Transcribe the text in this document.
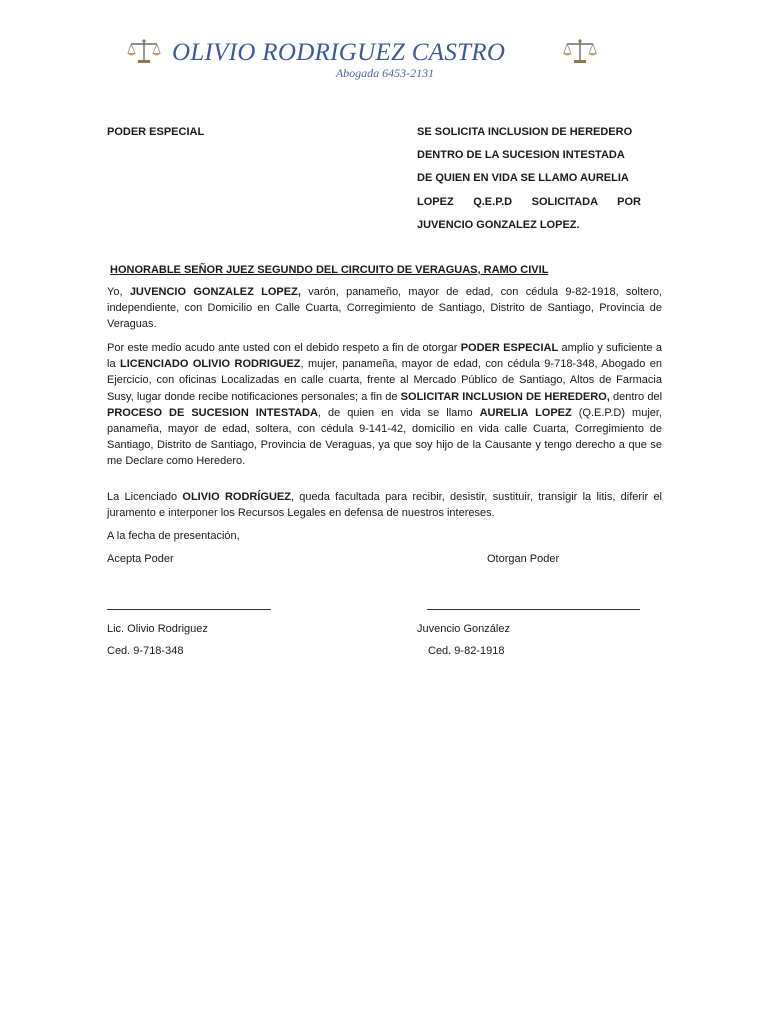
OLIVIO RODRIGUEZ CASTRO
Abogada 6453-2131
PODER ESPECIAL	SE SOLICITA INCLUSION DE HEREDERO
DENTRO DE LA SUCESION INTESTADA
DE QUIEN EN VIDA SE LLAMO AURELIA
LOPEZ Q.E.P.D SOLICITADA POR
JUVENCIO GONZALEZ LOPEZ.
HONORABLE SEÑOR JUEZ SEGUNDO DEL CIRCUITO DE VERAGUAS, RAMO CIVIL
Yo, JUVENCIO GONZALEZ LOPEZ, varón, panameño, mayor de edad, con cédula 9-82-1918, soltero, independiente, con Domicilio en Calle Cuarta, Corregimiento de Santiago, Distrito de Santiago, Provincia de Veraguas.
Por este medio acudo ante usted con el debido respeto a fin de otorgar PODER ESPECIAL amplio y suficiente a la LICENCIADO OLIVIO RODRIGUEZ, mujer, panameña, mayor de edad, con cédula 9-718-348, Abogado en Ejercicio, con oficinas Localizadas en calle cuarta, frente al Mercado Público de Santiago, Altos de Farmacia Susy, lugar donde recibe notificaciones personales; a fin de SOLICITAR INCLUSION DE HEREDERO, dentro del PROCESO DE SUCESION INTESTADA, de quien en vida se llamo AURELIA LOPEZ (Q.E.P.D) mujer, panameña, mayor de edad, soltera, con cédula 9-141-42, domicilio en vida calle Cuarta, Corregimiento de Santiago, Distrito de Santiago, Provincia de Veraguas, ya que soy hijo de la Causante y tengo derecho a que se me Declare como Heredero.
La Licenciado OLIVIO RODRÍGUEZ, queda facultada para recibir, desistir, sustituir, transigir la litis, diferir el juramento e interponer los Recursos Legales en defensa de nuestros intereses.
A la fecha de presentación,
Acepta Poder	Otorgan Poder
Lic. Olivio Rodriguez	Juvencio González
Ced. 9-718-348	Ced. 9-82-1918
